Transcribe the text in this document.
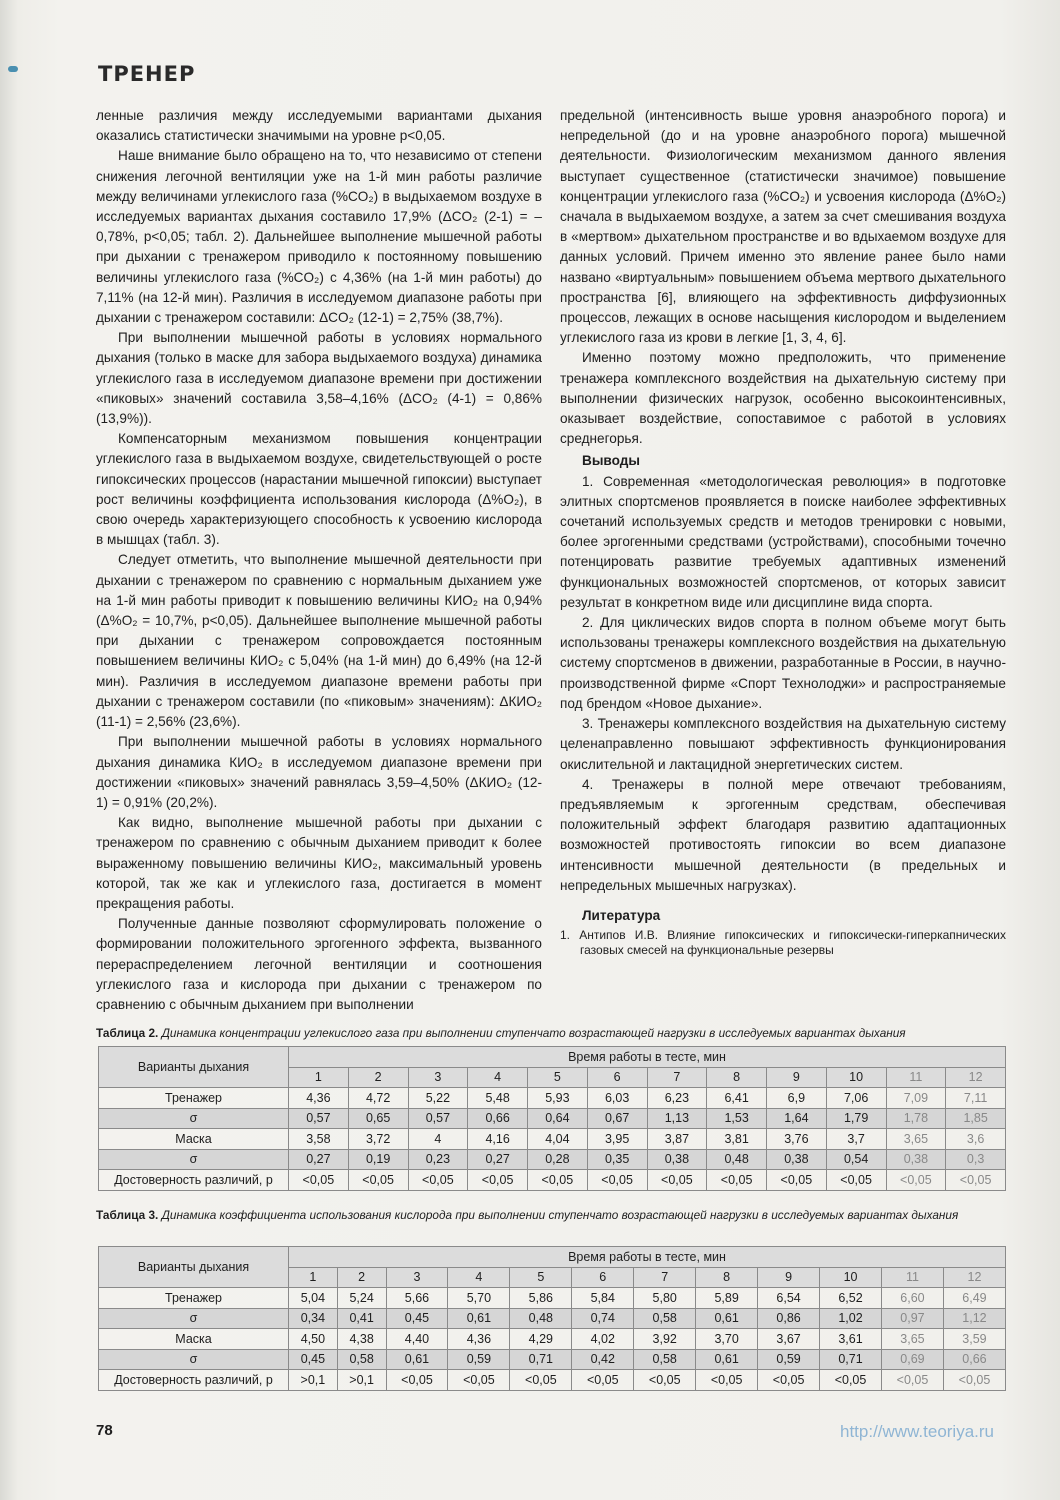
ТРЕНЕР

ленные различия между исследуемыми вариантами дыхания оказались статистически значимыми на уровне p<0,05.

Наше внимание было обращено на то, что независимо от степени снижения легочной вентиляции уже на 1-й мин работы различие между величинами углекислого газа (%CO₂) в выдыхаемом воздухе в исследуемых вариантах дыхания составило 17,9% (ΔCO₂ (2-1) = –0,78%, p<0,05; табл. 2). Дальнейшее выполнение мышечной работы при дыхании с тренажером приводило к постоянному повышению величины углекислого газа (%CO₂) с 4,36% (на 1-й мин работы) до 7,11% (на 12-й мин). Различия в исследуемом диапазоне работы при дыхании с тренажером составили: ΔCO₂ (12-1) = 2,75% (38,7%).

При выполнении мышечной работы в условиях нормального дыхания (только в маске для забора выдыхаемого воздуха) динамика углекислого газа в исследуемом диапазоне времени при достижении «пиковых» значений составила 3,58–4,16% (ΔCO₂ (4-1) = 0,86% (13,9%)).

Компенсаторным механизмом повышения концентрации углекислого газа в выдыхаемом воздухе, свидетельствующей о росте гипоксических процессов (нарастании мышечной гипоксии) выступает рост величины коэффициента использования кислорода (Δ%O₂), в свою очередь характеризующего способность к усвоению кислорода в мышцах (табл. 3).

Следует отметить, что выполнение мышечной деятельности при дыхании с тренажером по сравнению с нормальным дыханием уже на 1-й мин работы приводит к повышению величины КИO₂ на 0,94% (Δ%O₂ = 10,7%, p<0,05). Дальнейшее выполнение мышечной работы при дыхании с тренажером сопровождается постоянным повышением величины КИO₂ с 5,04% (на 1-й мин) до 6,49% (на 12-й мин). Различия в исследуемом диапазоне времени работы при дыхании с тренажером составили (по «пиковым» значениям): ΔКИO₂ (11-1) = 2,56% (23,6%).

При выполнении мышечной работы в условиях нормального дыхания динамика КИO₂ в исследуемом диапазоне времени при достижении «пиковых» значений равнялась 3,59–4,50% (ΔКИO₂ (12-1) = 0,91% (20,2%).

Как видно, выполнение мышечной работы при дыхании с тренажером по сравнению с обычным дыханием приводит к более выраженному повышению величины КИO₂, максимальный уровень которой, так же как и углекислого газа, достигается в момент прекращения работы.

Полученные данные позволяют сформулировать положение о формировании положительного эргогенного эффекта, вызванного перераспределением легочной вентиляции и соотношения углекислого газа и кислорода при дыхании с тренажером по сравнению с обычным дыханием при выполнении

предельной (интенсивность выше уровня анаэробного порога) и непредельной (до и на уровне анаэробного порога) мышечной деятельности. Физиологическим механизмом данного явления выступает существенное (статистически значимое) повышение концентрации углекислого газа (%CO₂) и усвоения кислорода (Δ%O₂) сначала в выдыхаемом воздухе, а затем за счет смешивания воздуха в «мертвом» дыхательном пространстве и во вдыхаемом воздухе для данных условий. Причем именно это явление ранее было нами названо «виртуальным» повышением объема мертвого дыхательного пространства [6], влияющего на эффективность диффузионных процессов, лежащих в основе насыщения кислородом и выделением углекислого газа из крови в легкие [1, 3, 4, 6].

Именно поэтому можно предположить, что применение тренажера комплексного воздействия на дыхательную систему при выполнении физических нагрузок, особенно высокоинтенсивных, оказывает воздействие, сопоставимое с работой в условиях среднегорья.

Выводы

1. Современная «методологическая революция» в подготовке элитных спортсменов проявляется в поиске наиболее эффективных сочетаний используемых средств и методов тренировки с новыми, более эргогенными средствами (устройствами), способными точечно потенцировать развитие требуемых адаптивных изменений функциональных возможностей спортсменов, от которых зависит результат в конкретном виде или дисциплине вида спорта.

2. Для циклических видов спорта в полном объеме могут быть использованы тренажеры комплексного воздействия на дыхательную систему спортсменов в движении, разработанные в России, в научно-производственной фирме «Спорт Технолоджи» и распространяемые под брендом «Новое дыхание».

3. Тренажеры комплексного воздействия на дыхательную систему целенаправленно повышают эффективность функционирования окислительной и лактацидной энергетических систем.

4. Тренажеры в полной мере отвечают требованиям, предъявляемым к эргогенным средствам, обеспечивая положительный эффект благодаря развитию адаптационных возможностей противостоять гипоксии во всем диапазоне интенсивности мышечной деятельности (в предельных и непредельных мышечных нагрузках).

Литература

1. Антипов И.В. Влияние гипоксических и гипоксически-гиперкапнических газовых смесей на функциональные резервы

Таблица 2. Динамика концентрации углекислого газа при выполнении ступенчато возрастающей нагрузки в исследуемых вариантах дыхания
Варианты дыхания	Время работы в тесте, мин											
	1	2	3	4	5	6	7	8	9	10	11	12
Тренажер	4,36	4,72	5,22	5,48	5,93	6,03	6,23	6,41	6,9	7,06	7,09	7,11
σ	0,57	0,65	0,57	0,66	0,64	0,67	1,13	1,53	1,64	1,79	1,78	1,85
Маска	3,58	3,72	4	4,16	4,04	3,95	3,87	3,81	3,76	3,7	3,65	3,6
σ	0,27	0,19	0,23	0,27	0,28	0,35	0,38	0,48	0,38	0,54	0,38	0,3
Достоверность различий, p	<0,05	<0,05	<0,05	<0,05	<0,05	<0,05	<0,05	<0,05	<0,05	<0,05	<0,05	<0,05
Таблица 3. Динамика коэффициента использования кислорода при выполнении ступенчато возрастающей нагрузки в исследуемых вариантах дыхания
Варианты дыхания	Время работы в тесте, мин											
	1	2	3	4	5	6	7	8	9	10	11	12
Тренажер	5,04	5,24	5,66	5,70	5,86	5,84	5,80	5,89	6,54	6,52	6,60	6,49
σ	0,34	0,41	0,45	0,61	0,48	0,74	0,58	0,61	0,86	1,02	0,97	1,12
Маска	4,50	4,38	4,40	4,36	4,29	4,02	3,92	3,70	3,67	3,61	3,65	3,59
σ	0,45	0,58	0,61	0,59	0,71	0,42	0,58	0,61	0,59	0,71	0,69	0,66
Достоверность различий, p	>0,1	>0,1	<0,05	<0,05	<0,05	<0,05	<0,05	<0,05	<0,05	<0,05	<0,05	<0,05
78	http://www.teoriya.ru
